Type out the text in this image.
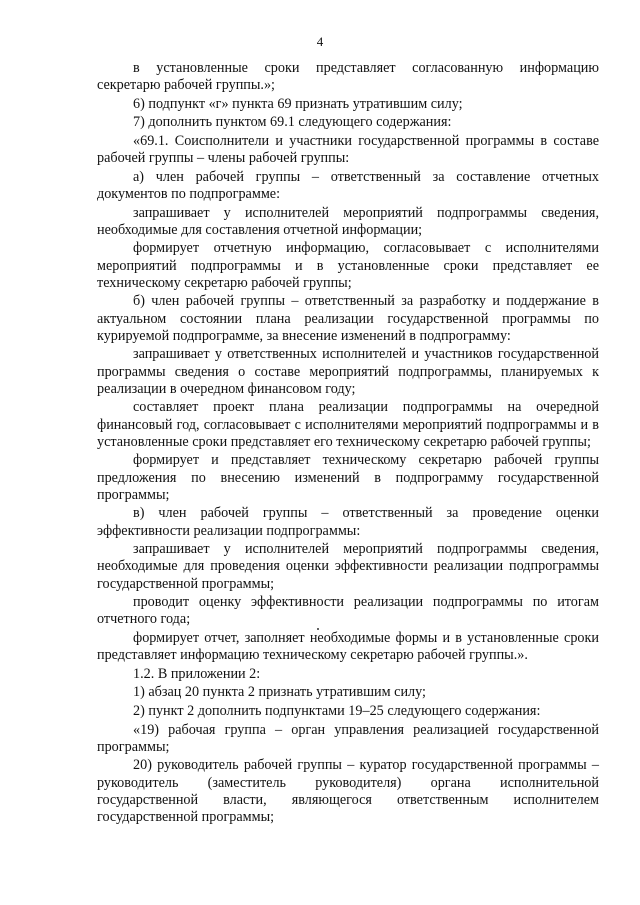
4

в установленные сроки представляет согласованную информацию секретарю рабочей группы.»;

6) подпункт «г» пункта 69 признать утратившим силу;

7) дополнить пунктом 69.1 следующего содержания:

«69.1. Соисполнители и участники государственной программы в составе рабочей группы – члены рабочей группы:

а) член рабочей группы – ответственный за составление отчетных документов по подпрограмме:

запрашивает у исполнителей мероприятий подпрограммы сведения, необходимые для составления отчетной информации;

формирует отчетную информацию, согласовывает с исполнителями мероприятий подпрограммы и в установленные сроки представляет ее техническому секретарю рабочей группы;

б) член рабочей группы – ответственный за разработку и поддержание в актуальном состоянии плана реализации государственной программы по курируемой подпрограмме, за внесение изменений в подпрограмму:

запрашивает у ответственных исполнителей и участников государственной программы сведения о составе мероприятий подпрограммы, планируемых к реализации в очередном финансовом году;

составляет проект плана реализации подпрограммы на очередной финансовый год, согласовывает с исполнителями мероприятий подпрограммы и в установленные сроки представляет его техническому секретарю рабочей группы;

формирует и представляет техническому секретарю рабочей группы предложения по внесению изменений в подпрограмму государственной программы;

в) член рабочей группы – ответственный за проведение оценки эффективности реализации подпрограммы:

запрашивает у исполнителей мероприятий подпрограммы сведения, необходимые для проведения оценки эффективности реализации подпрограммы государственной программы;

проводит оценку эффективности реализации подпрограммы по итогам отчетного года;

формирует отчет, заполняет необходимые формы и в установленные сроки представляет информацию техническому секретарю рабочей группы.».

1.2. В приложении 2:

1) абзац 20 пункта 2 признать утратившим силу;

2) пункт 2 дополнить подпунктами 19–25 следующего содержания:

«19) рабочая группа – орган управления реализацией государственной программы;

20) руководитель рабочей группы – куратор государственной программы – руководитель (заместитель руководителя) органа исполнительной государственной власти, являющегося ответственным исполнителем государственной программы;
